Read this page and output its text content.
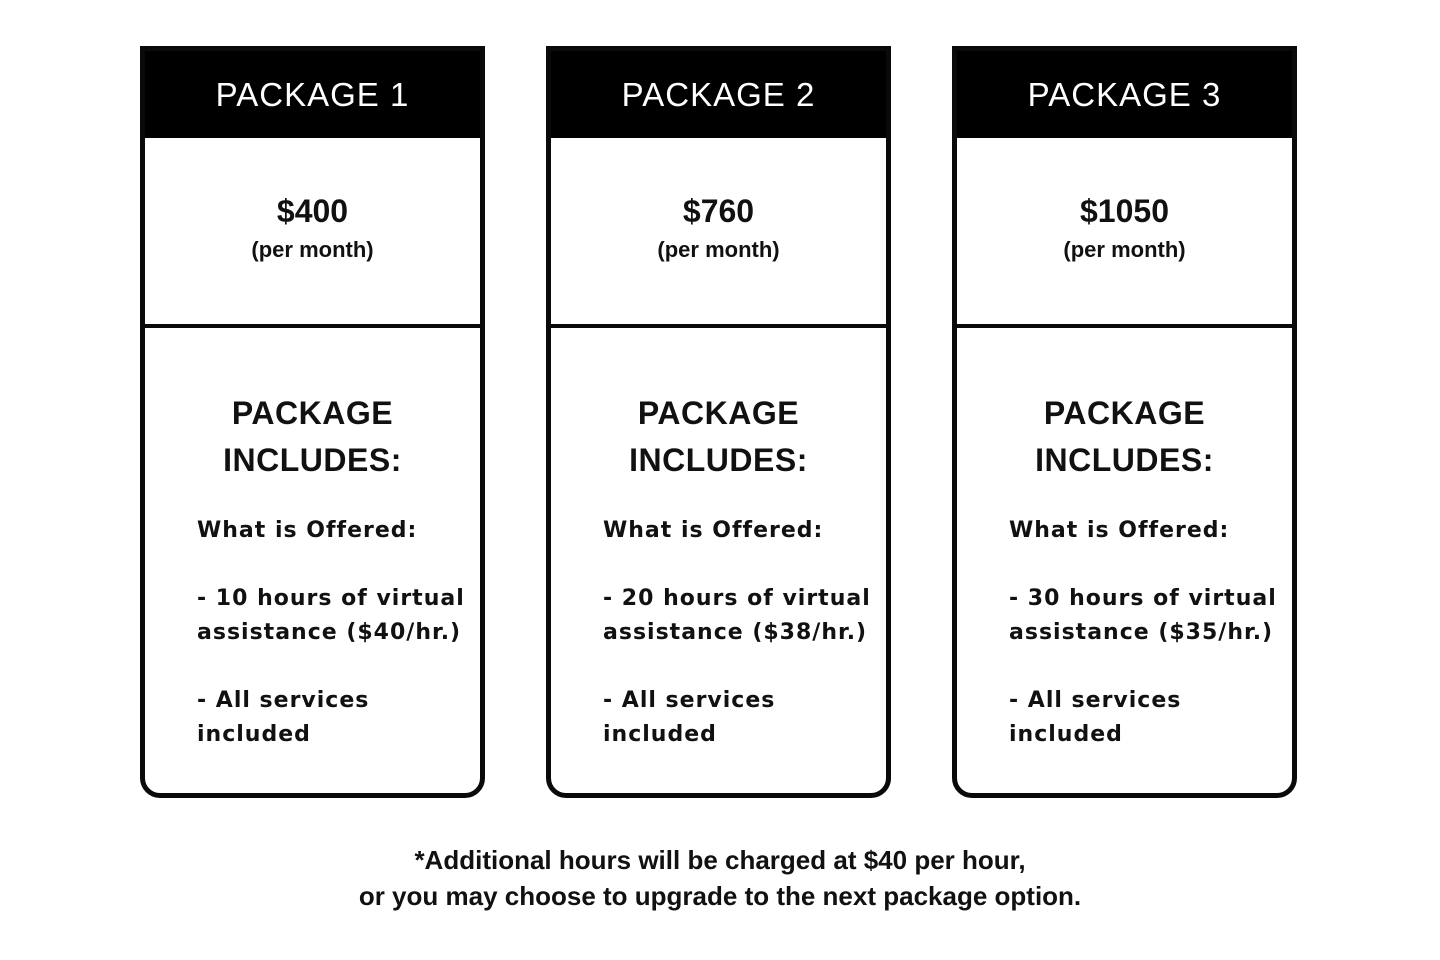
PACKAGE 1
$400
(per month)
PACKAGE
INCLUDES:
What is Offered:
- 10 hours of virtual
assistance ($40/hr.)
- All services
included
PACKAGE 2
$760
(per month)
PACKAGE
INCLUDES:
What is Offered:
- 20 hours of virtual
assistance ($38/hr.)
- All services
included
PACKAGE 3
$1050
(per month)
PACKAGE
INCLUDES:
What is Offered:
- 30 hours of virtual
assistance ($35/hr.)
- All services
included
*Additional hours will be charged at $40 per hour,
or you may choose to upgrade to the next package option.
